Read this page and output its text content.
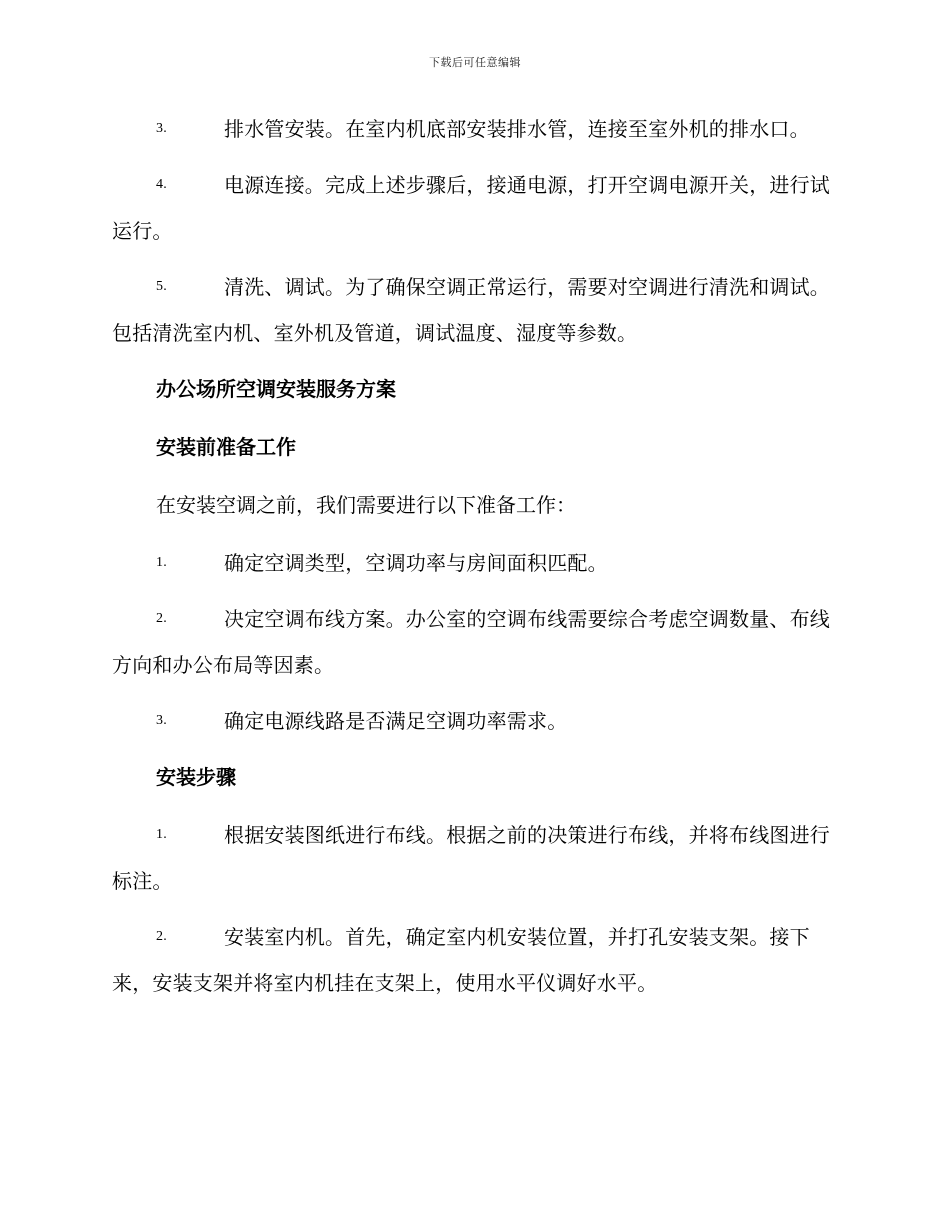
下载后可任意编辑

3.	排水管安装。在室内机底部安装排水管，连接至室外机的排水口。

4.	电源连接。完成上述步骤后，接通电源，打开空调电源开关，进行试运行。

5.	清洗、调试。为了确保空调正常运行，需要对空调进行清洗和调试。包括清洗室内机、室外机及管道，调试温度、湿度等参数。

办公场所空调安装服务方案

安装前准备工作

在安装空调之前，我们需要进行以下准备工作：

1.	确定空调类型，空调功率与房间面积匹配。

2.	决定空调布线方案。办公室的空调布线需要综合考虑空调数量、布线方向和办公布局等因素。

3.	确定电源线路是否满足空调功率需求。

安装步骤

1.	根据安装图纸进行布线。根据之前的决策进行布线，并将布线图进行标注。

2.	安装室内机。首先，确定室内机安装位置，并打孔安装支架。接下来，安装支架并将室内机挂在支架上，使用水平仪调好水平。
